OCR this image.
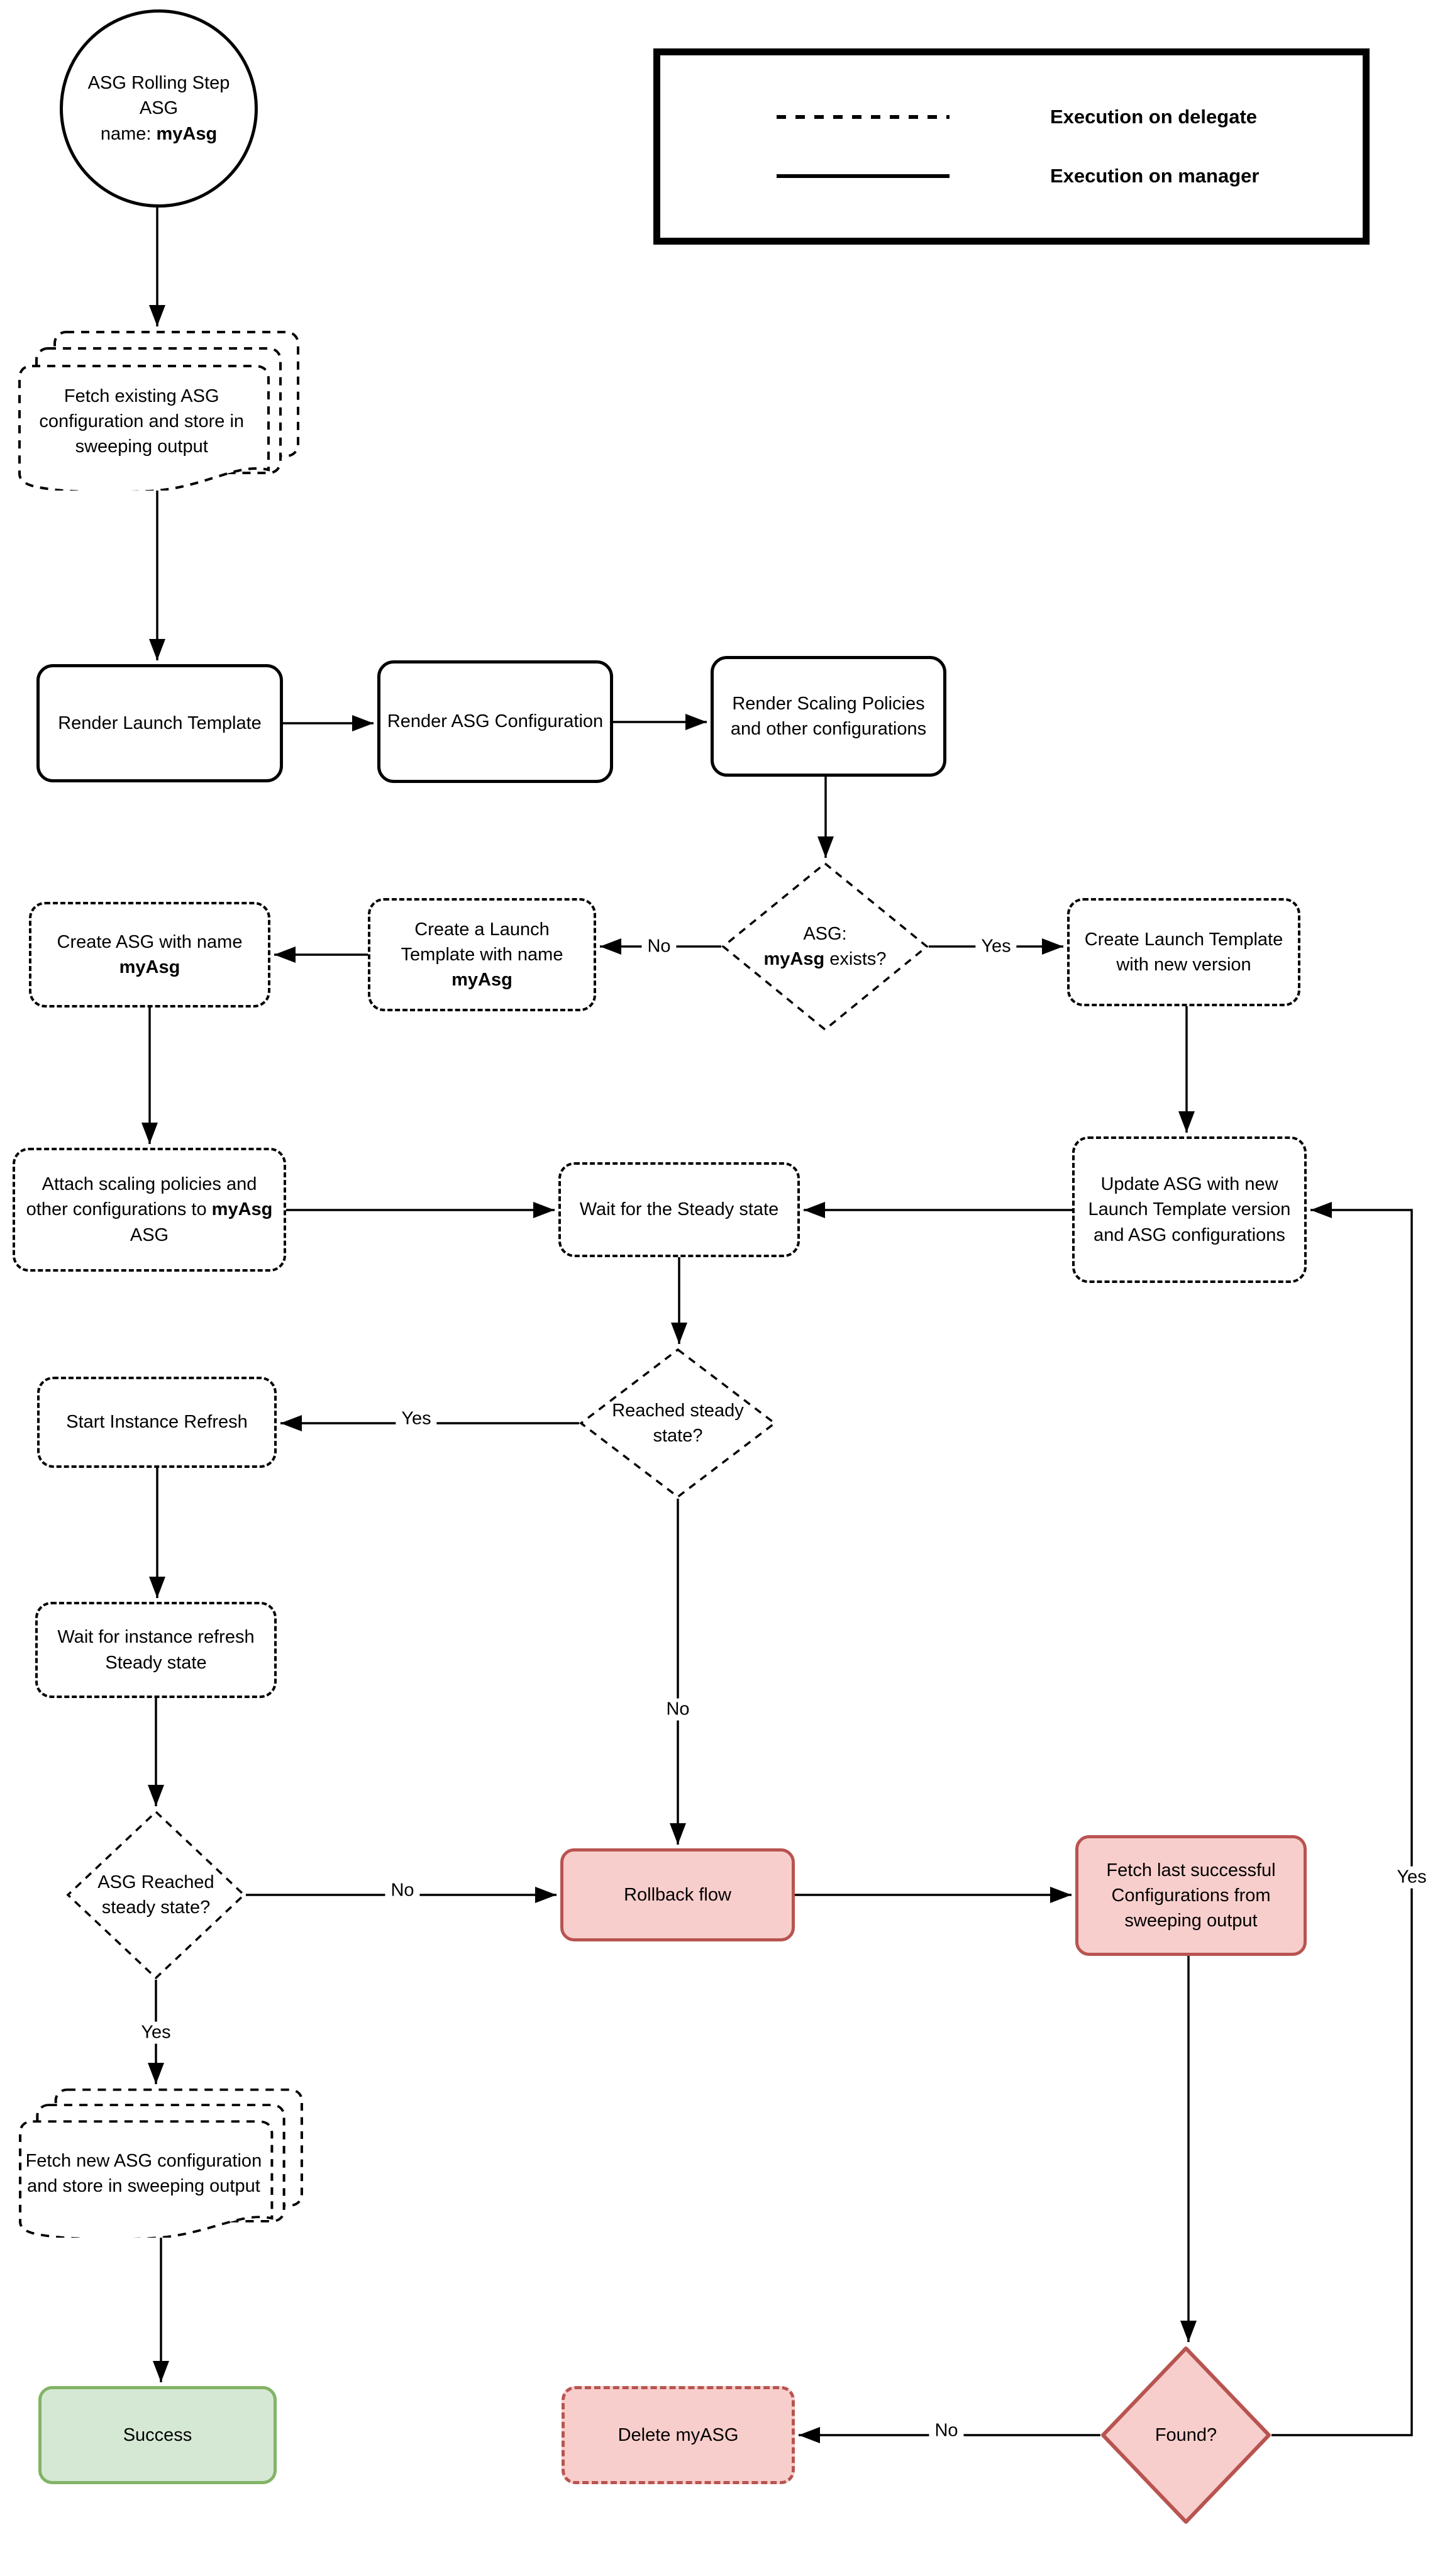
Execution on delegate
Execution on manager
ASG Rolling Step ASG
name: myAsg
Fetch existing ASG configuration and store in sweeping output
Render Launch Template	Render ASG Configuration
Render Scaling Policies and other configurations
ASG:
myAsg exists?
Create a Launch Template with name myAsg
Create ASG with name myAsg
Create Launch Template with new version
Attach scaling policies and other configurations to myAsg ASG
Wait for the Steady state
Update ASG with new Launch Template version and ASG configurations
Reached steady state?
Start Instance Refresh
Wait for instance refresh Steady state
ASG Reached steady state?
Rollback flow
Fetch last successful Configurations from sweeping output
Fetch new ASG configuration and store in sweeping output
Success	Delete myASG	Found?
No	Yes
Yes
No
No
Yes
No
Yes
